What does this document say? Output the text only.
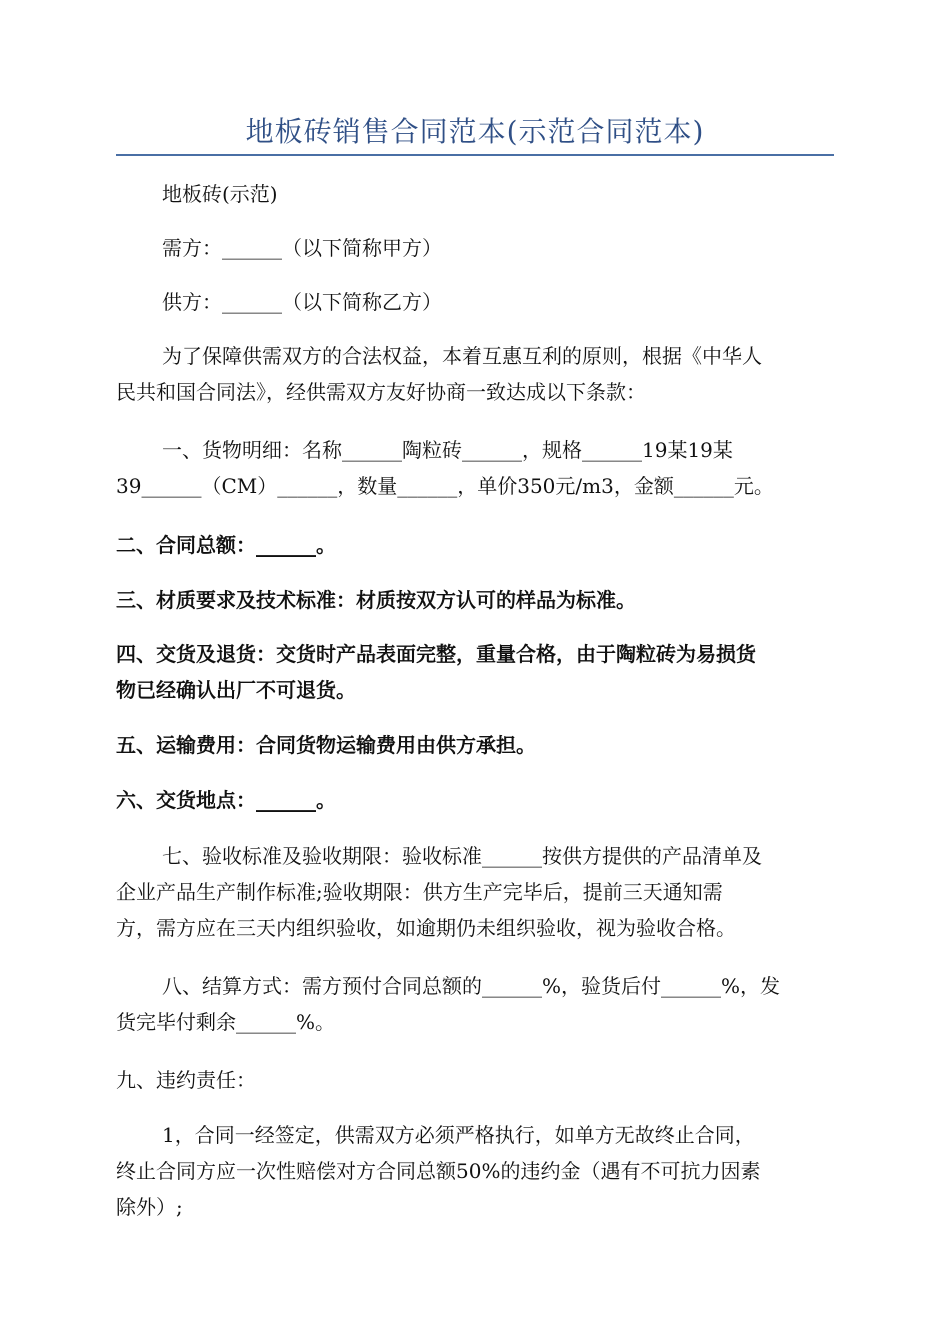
地板砖销售合同范本(示范合同范本)

地板砖(示范)

需方：______（以下简称甲方）

供方：______（以下简称乙方）

为了保障供需双方的合法权益，本着互惠互利的原则，根据《中华人
民共和国合同法》，经供需双方友好协商一致达成以下条款：

一、货物明细：名称______陶粒砖______，规格______19某19某
39______（CM）______，数量______，单价350元/m3，金额______元。

二、合同总额：______。

三、材质要求及技术标准：材质按双方认可的样品为标准。

四、交货及退货：交货时产品表面完整，重量合格，由于陶粒砖为易损货
物已经确认出厂不可退货。

五、运输费用：合同货物运输费用由供方承担。

六、交货地点：______。

七、验收标准及验收期限：验收标准______按供方提供的产品清单及
企业产品生产制作标准;验收期限：供方生产完毕后，提前三天通知需
方，需方应在三天内组织验收，如逾期仍未组织验收，视为验收合格。

八、结算方式：需方预付合同总额的______%，验货后付______%，发
货完毕付剩余______%。

九、违约责任：

1，合同一经签定，供需双方必须严格执行，如单方无故终止合同，
终止合同方应一次性赔偿对方合同总额50%的违约金（遇有不可抗力因素
除外）;
